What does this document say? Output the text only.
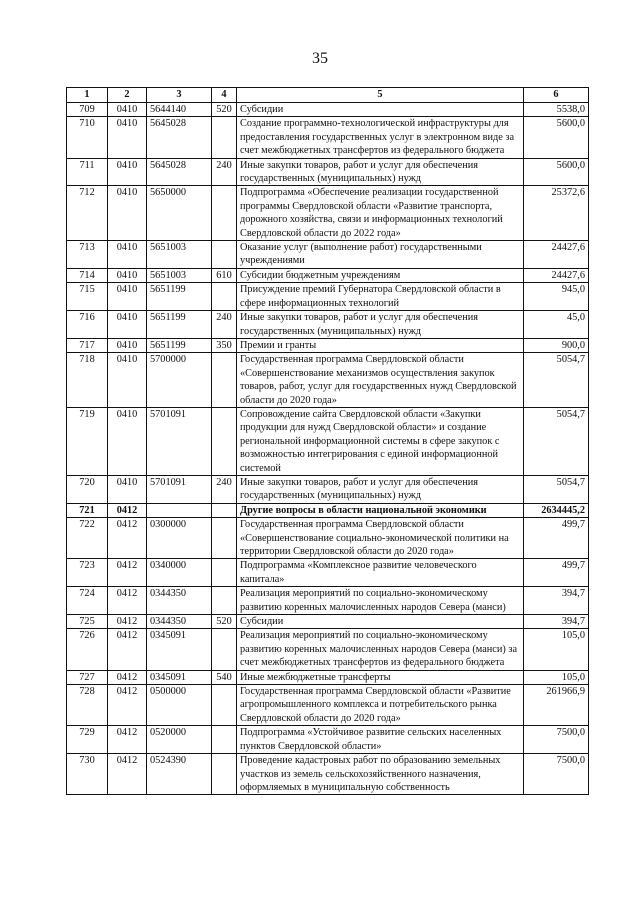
35
1	2	3	4	5	6
709	0410	5644140	520	Субсидии	5538,0
710	0410	5645028		Создание программно-технологической инфраструктуры для предоставления государственных услуг в электронном виде за счет межбюджетных трансфертов из федерального бюджета	5600,0
711	0410	5645028	240	Иные закупки товаров, работ и услуг для обеспечения государственных (муниципальных) нужд	5600,0
712	0410	5650000		Подпрограмма «Обеспечение реализации государственной программы Свердловской области «Развитие транспорта, дорожного хозяйства, связи и информационных технологий Свердловской области до 2022 года»	25372,6
713	0410	5651003		Оказание услуг (выполнение работ) государственными учреждениями	24427,6
714	0410	5651003	610	Субсидии бюджетным учреждениям	24427,6
715	0410	5651199		Присуждение премий Губернатора Свердловской области в сфере информационных технологий	945,0
716	0410	5651199	240	Иные закупки товаров, работ и услуг для обеспечения государственных (муниципальных) нужд	45,0
717	0410	5651199	350	Премии и гранты	900,0
718	0410	5700000		Государственная программа Свердловской области «Совершенствование механизмов осуществления закупок товаров, работ, услуг для государственных нужд Свердловской области до 2020 года»	5054,7
719	0410	5701091		Сопровождение сайта Свердловской области «Закупки продукции для нужд Свердловской области» и создание региональной информационной системы в сфере закупок с возможностью интегрирования с единой информационной системой	5054,7
720	0410	5701091	240	Иные закупки товаров, работ и услуг для обеспечения государственных (муниципальных) нужд	5054,7
721	0412			Другие вопросы в области национальной экономики	2634445,2
722	0412	0300000		Государственная программа Свердловской области «Совершенствование социально-экономической политики на территории Свердловской области до 2020 года»	499,7
723	0412	0340000		Подпрограмма «Комплексное развитие человеческого капитала»	499,7
724	0412	0344350		Реализация мероприятий по социально-экономическому развитию коренных малочисленных народов Севера (манси)	394,7
725	0412	0344350	520	Субсидии	394,7
726	0412	0345091		Реализация мероприятий по социально-экономическому развитию коренных малочисленных народов Севера (манси) за счет межбюджетных трансфертов из федерального бюджета	105,0
727	0412	0345091	540	Иные межбюджетные трансферты	105,0
728	0412	0500000		Государственная программа Свердловской области «Развитие агропромышленного комплекса и потребительского рынка Свердловской области до 2020 года»	261966,9
729	0412	0520000		Подпрограмма «Устойчивое развитие сельских населенных пунктов Свердловской области»	7500,0
730	0412	0524390		Проведение кадастровых работ по образованию земельных участков из земель сельскохозяйственного назначения, оформляемых в муниципальную собственность	7500,0
